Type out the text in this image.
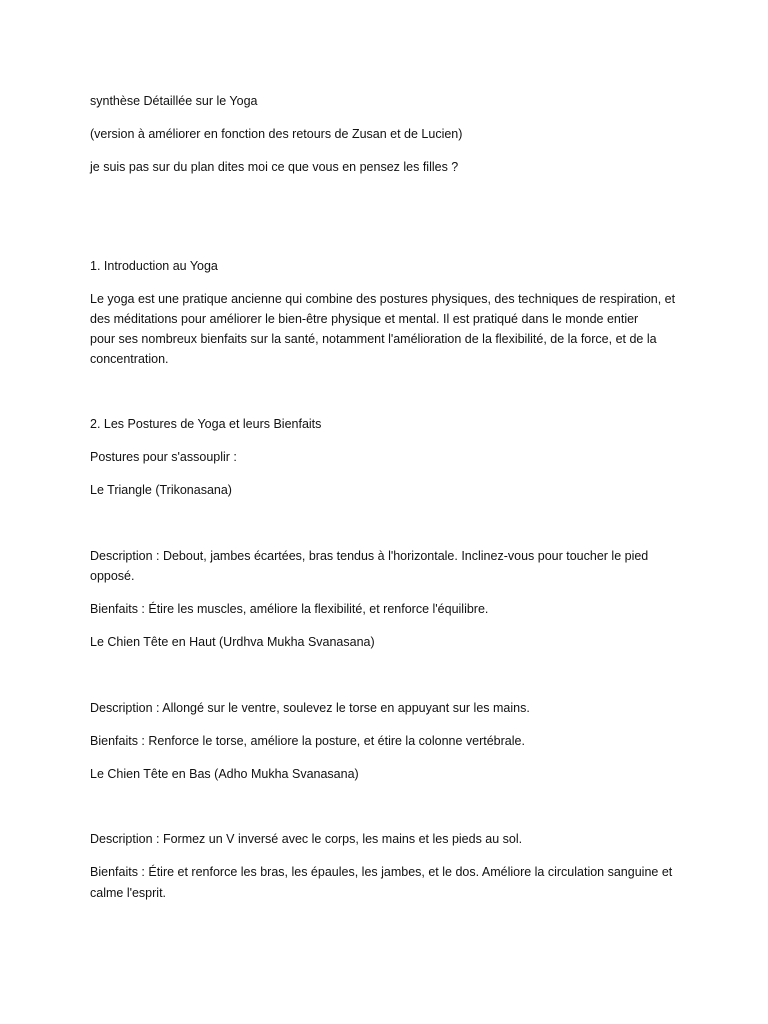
synthèse Détaillée sur le Yoga

(version à améliorer en fonction des retours de Zusan et de Lucien)

je suis pas sur du plan dites moi ce que vous en pensez les filles ?

1. Introduction au Yoga

Le yoga est une pratique ancienne qui combine des postures physiques, des techniques de respiration, et

des méditations pour améliorer le bien-être physique et mental. Il est pratiqué dans le monde entier

pour ses nombreux bienfaits sur la santé, notamment l'amélioration de la flexibilité, de la force, et de la

concentration.

2. Les Postures de Yoga et leurs Bienfaits

Postures pour s'assouplir :

Le Triangle (Trikonasana)

Description : Debout, jambes écartées, bras tendus à l'horizontale. Inclinez-vous pour toucher le pied

opposé.

Bienfaits : Étire les muscles, améliore la flexibilité, et renforce l'équilibre.

Le Chien Tête en Haut (Urdhva Mukha Svanasana)

Description : Allongé sur le ventre, soulevez le torse en appuyant sur les mains.

Bienfaits : Renforce le torse, améliore la posture, et étire la colonne vertébrale.

Le Chien Tête en Bas (Adho Mukha Svanasana)

Description : Formez un V inversé avec le corps, les mains et les pieds au sol.

Bienfaits : Étire et renforce les bras, les épaules, les jambes, et le dos. Améliore la circulation sanguine et

calme l'esprit.
